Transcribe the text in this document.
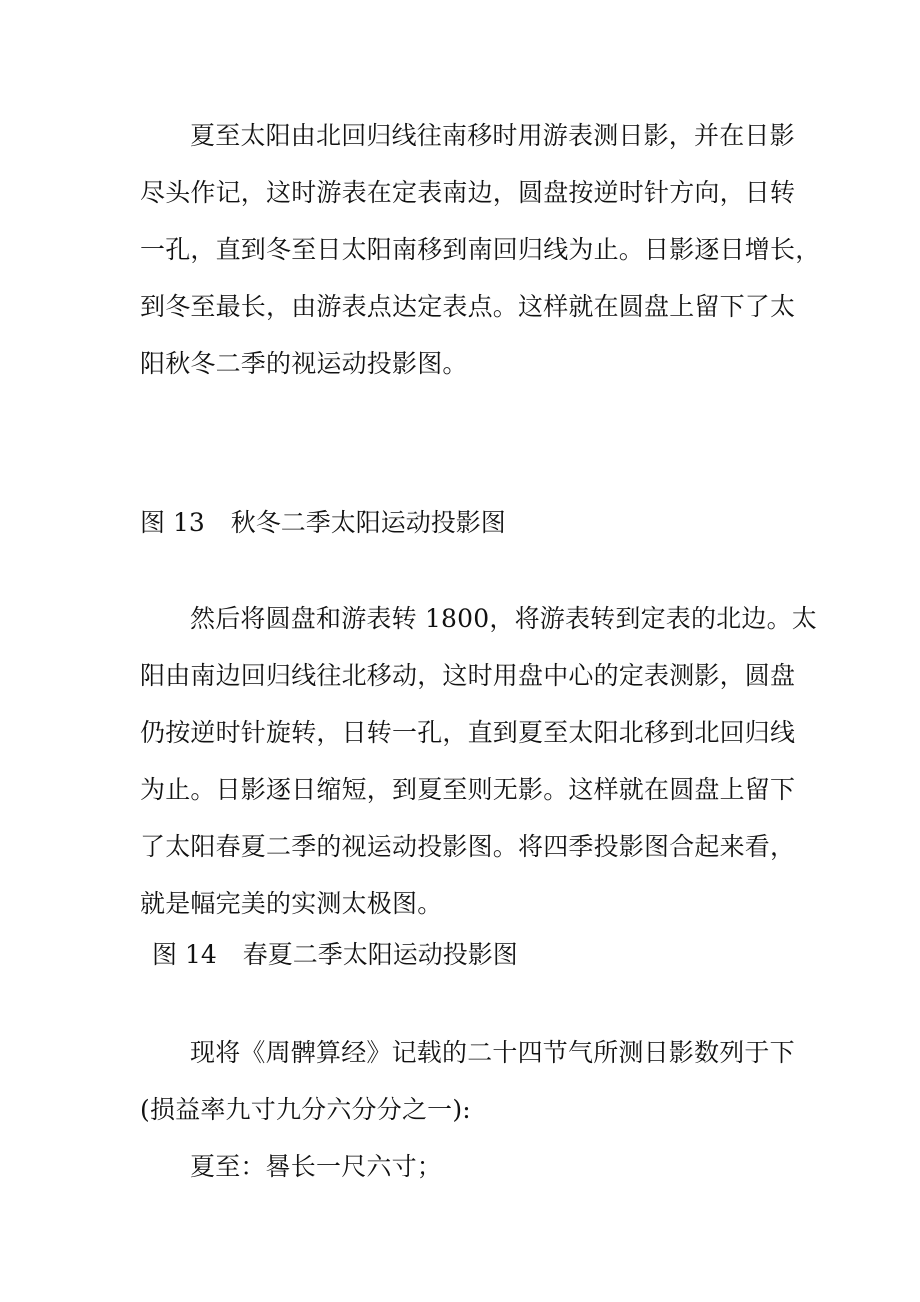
夏至太阳由北回归线往南移时用游表测日影，并在日影
尽头作记，这时游表在定表南边，圆盘按逆时针方向，日转
一孔，直到冬至日太阳南移到南回归线为止。日影逐日增长，
到冬至最长，由游表点达定表点。这样就在圆盘上留下了太
阳秋冬二季的视运动投影图。

图 13 秋冬二季太阳运动投影图

然后将圆盘和游表转 1800，将游表转到定表的北边。太
阳由南边回归线往北移动，这时用盘中心的定表测影，圆盘
仍按逆时针旋转，日转一孔，直到夏至太阳北移到北回归线
为止。日影逐日缩短，到夏至则无影。这样就在圆盘上留下
了太阳春夏二季的视运动投影图。将四季投影图合起来看，
就是幅完美的实测太极图。

图 14 春夏二季太阳运动投影图

现将《周髀算经》记载的二十四节气所测日影数列于下
(损益率九寸九分六分分之一):

夏至：晷长一尺六寸；
